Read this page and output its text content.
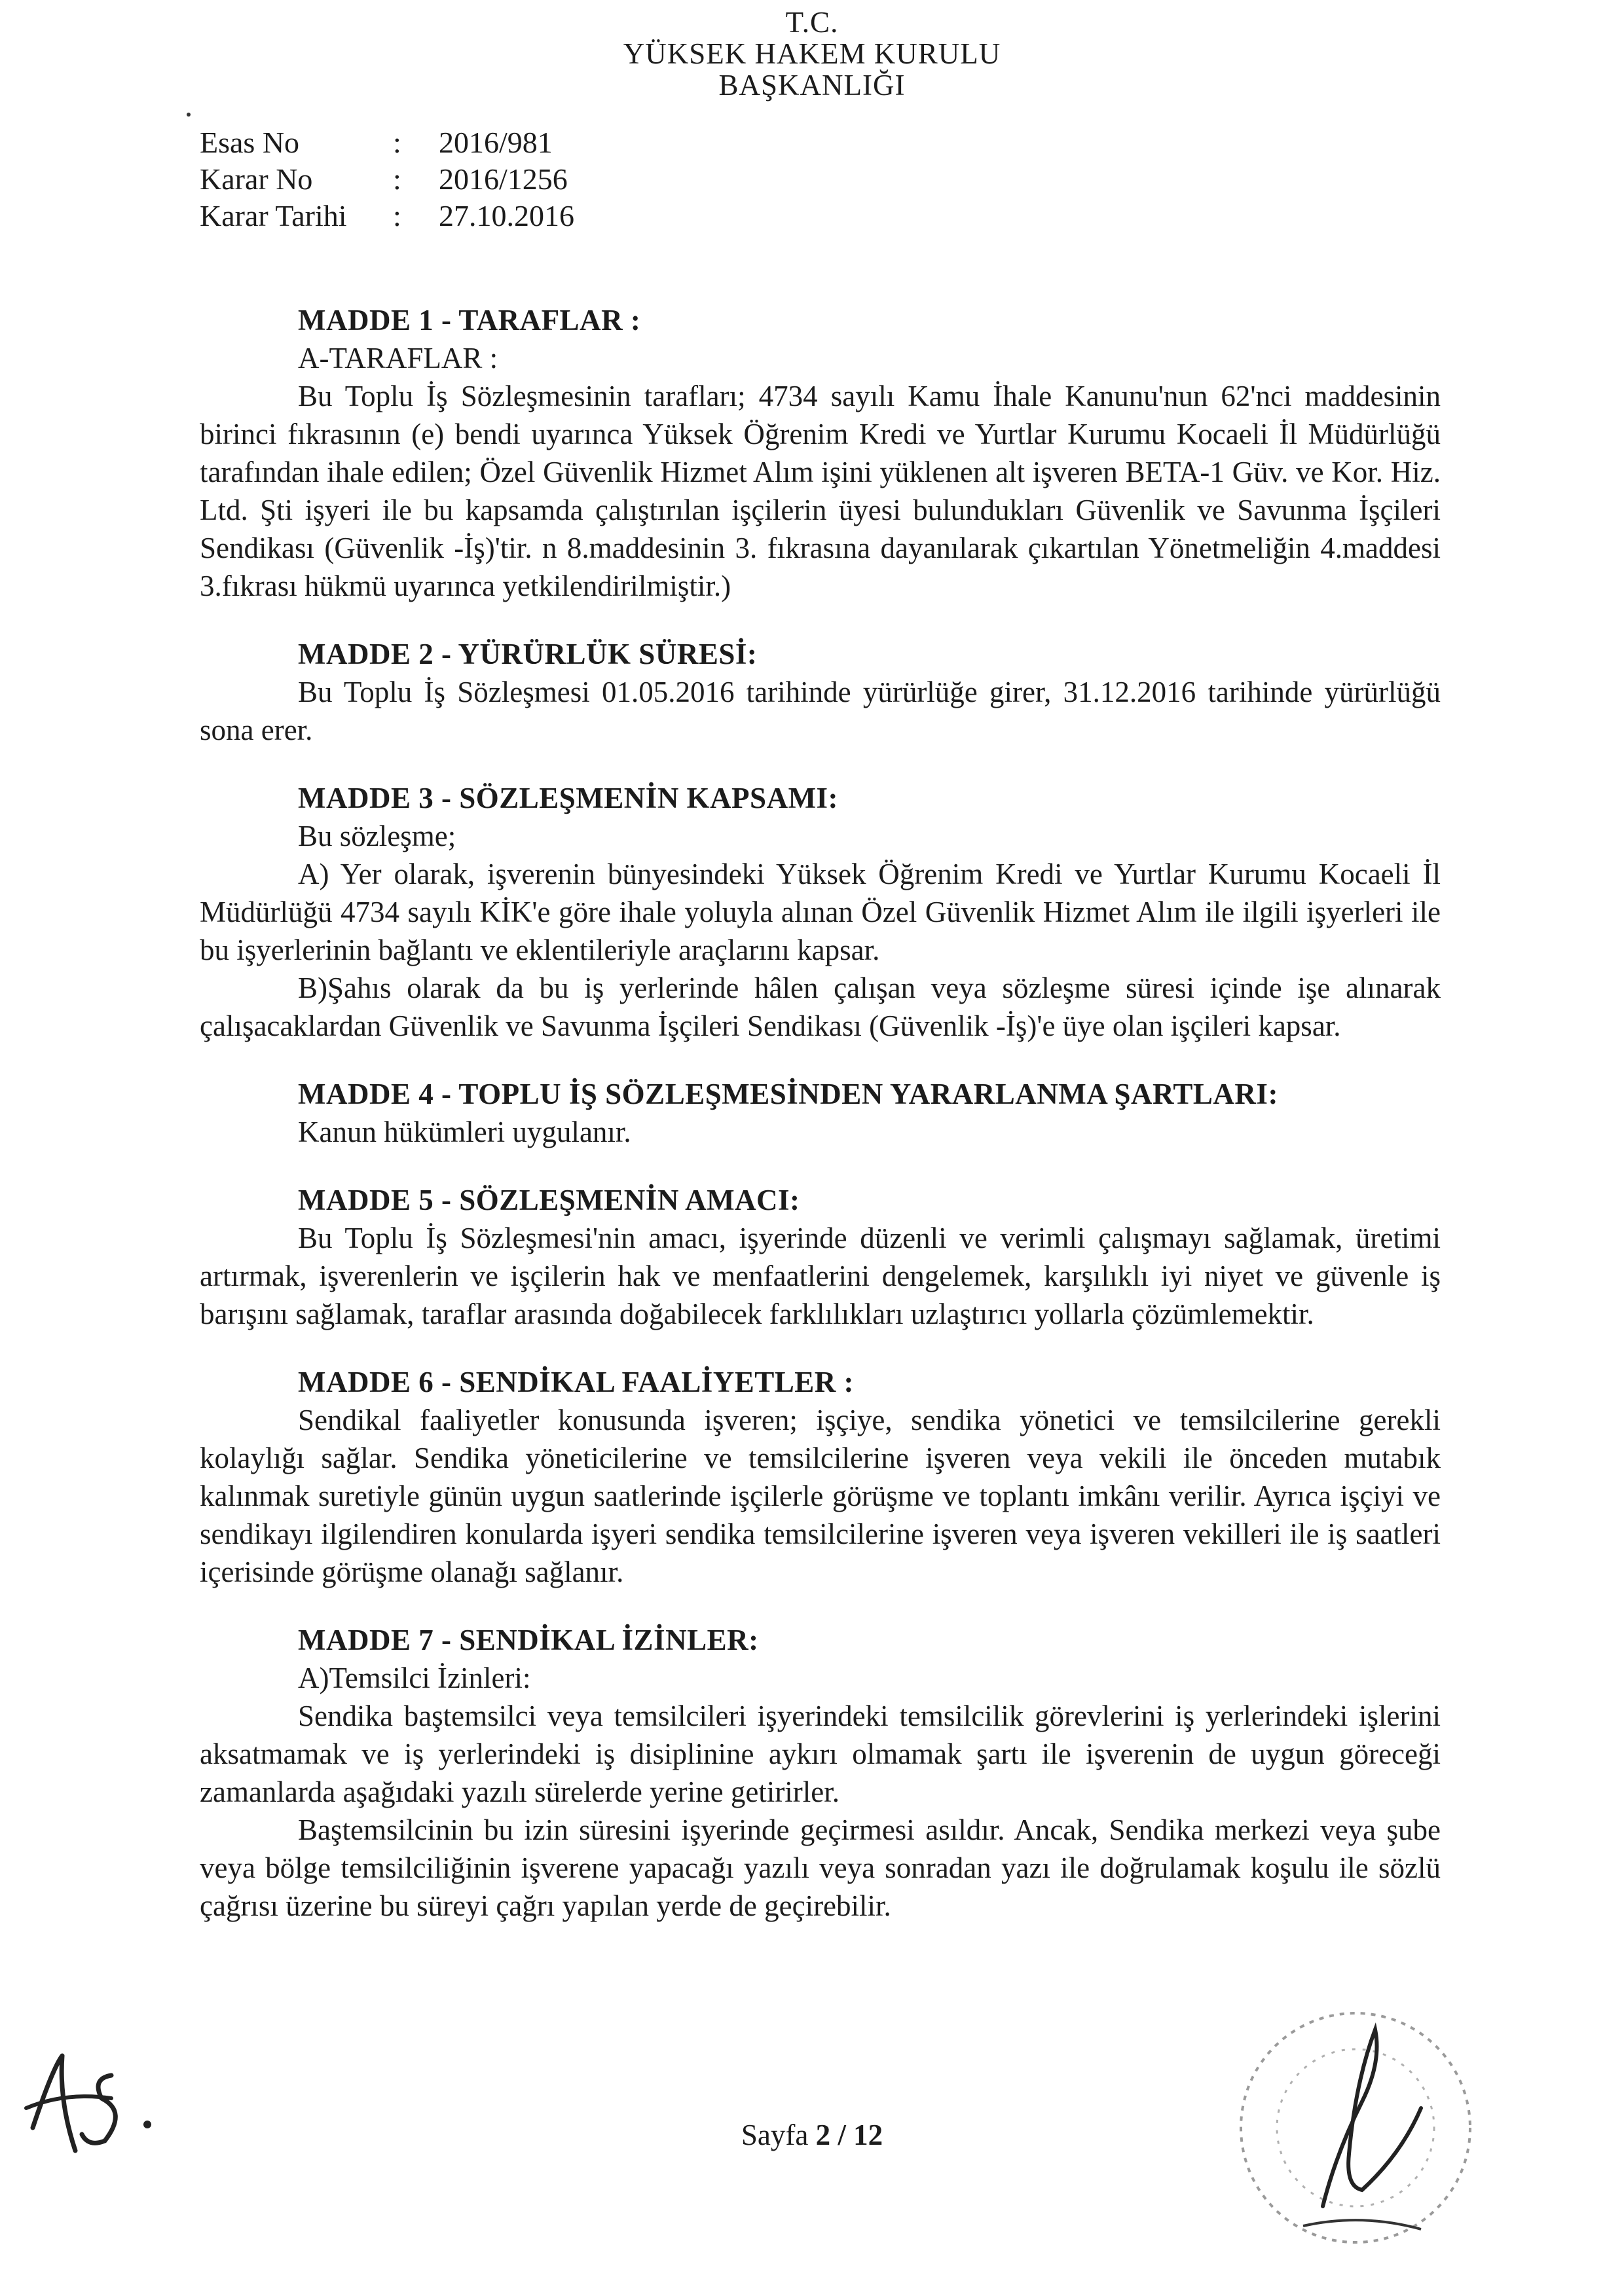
T.C.
YÜKSEK HAKEM KURULU
BAŞKANLIĞI
Esas No	:	2016/981
Karar No	:	2016/1256
Karar Tarihi	:	27.10.2016
MADDE 1 - TARAFLAR :
A-TARAFLAR :
Bu Toplu İş Sözleşmesinin tarafları; 4734 sayılı Kamu İhale Kanunu'nun 62'nci maddesinin birinci fıkrasının (e) bendi uyarınca Yüksek Öğrenim Kredi ve Yurtlar Kurumu Kocaeli İl Müdürlüğü tarafından ihale edilen; Özel Güvenlik Hizmet Alım işini yüklenen alt işveren BETA-1 Güv. ve Kor. Hiz. Ltd. Şti işyeri ile bu kapsamda çalıştırılan işçilerin üyesi bulundukları Güvenlik ve Savunma İşçileri Sendikası (Güvenlik -İş)'tir. n 8.maddesinin 3. fıkrasına dayanılarak çıkartılan Yönetmeliğin 4.maddesi 3.fıkrası hükmü uyarınca yetkilendirilmiştir.)
MADDE 2 - YÜRÜRLÜK SÜRESİ:
Bu Toplu İş Sözleşmesi 01.05.2016 tarihinde yürürlüğe girer, 31.12.2016 tarihinde yürürlüğü sona erer.
MADDE 3 - SÖZLEŞMENİN KAPSAMI:
Bu sözleşme;
A) Yer olarak, işverenin bünyesindeki Yüksek Öğrenim Kredi ve Yurtlar Kurumu Kocaeli İl Müdürlüğü 4734 sayılı KİK'e göre ihale yoluyla alınan Özel Güvenlik Hizmet Alım ile ilgili işyerleri ile bu işyerlerinin bağlantı ve eklentileriyle araçlarını kapsar.
B)Şahıs olarak da bu iş yerlerinde hâlen çalışan veya sözleşme süresi içinde işe alınarak çalışacaklardan Güvenlik ve Savunma İşçileri Sendikası (Güvenlik -İş)'e üye olan işçileri kapsar.
MADDE 4 - TOPLU İŞ SÖZLEŞMESİNDEN YARARLANMA ŞARTLARI:
Kanun hükümleri uygulanır.
MADDE 5 - SÖZLEŞMENİN AMACI:
Bu Toplu İş Sözleşmesi'nin amacı, işyerinde düzenli ve verimli çalışmayı sağlamak, üretimi artırmak, işverenlerin ve işçilerin hak ve menfaatlerini dengelemek, karşılıklı iyi niyet ve güvenle iş barışını sağlamak, taraflar arasında doğabilecek farklılıkları uzlaştırıcı yollarla çözümlemektir.
MADDE 6 - SENDİKAL FAALİYETLER :
Sendikal faaliyetler konusunda işveren; işçiye, sendika yönetici ve temsilcilerine gerekli kolaylığı sağlar. Sendika yöneticilerine ve temsilcilerine işveren veya vekili ile önceden mutabık kalınmak suretiyle günün uygun saatlerinde işçilerle görüşme ve toplantı imkânı verilir. Ayrıca işçiyi ve sendikayı ilgilendiren konularda işyeri sendika temsilcilerine işveren veya işveren vekilleri ile iş saatleri içerisinde görüşme olanağı sağlanır.
MADDE 7 - SENDİKAL İZİNLER:
A)Temsilci İzinleri:
Sendika baştemsilci veya temsilcileri işyerindeki temsilcilik görevlerini iş yerlerindeki işlerini aksatmamak ve iş yerlerindeki iş disiplinine aykırı olmamak şartı ile işverenin de uygun göreceği zamanlarda aşağıdaki yazılı sürelerde yerine getirirler.
Baştemsilcinin bu izin süresini işyerinde geçirmesi asıldır. Ancak, Sendika merkezi veya şube veya bölge temsilciliğinin işverene yapacağı yazılı veya sonradan yazı ile doğrulamak koşulu ile sözlü çağrısı üzerine bu süreyi çağrı yapılan yerde de geçirebilir.
Sayfa 2 / 12
